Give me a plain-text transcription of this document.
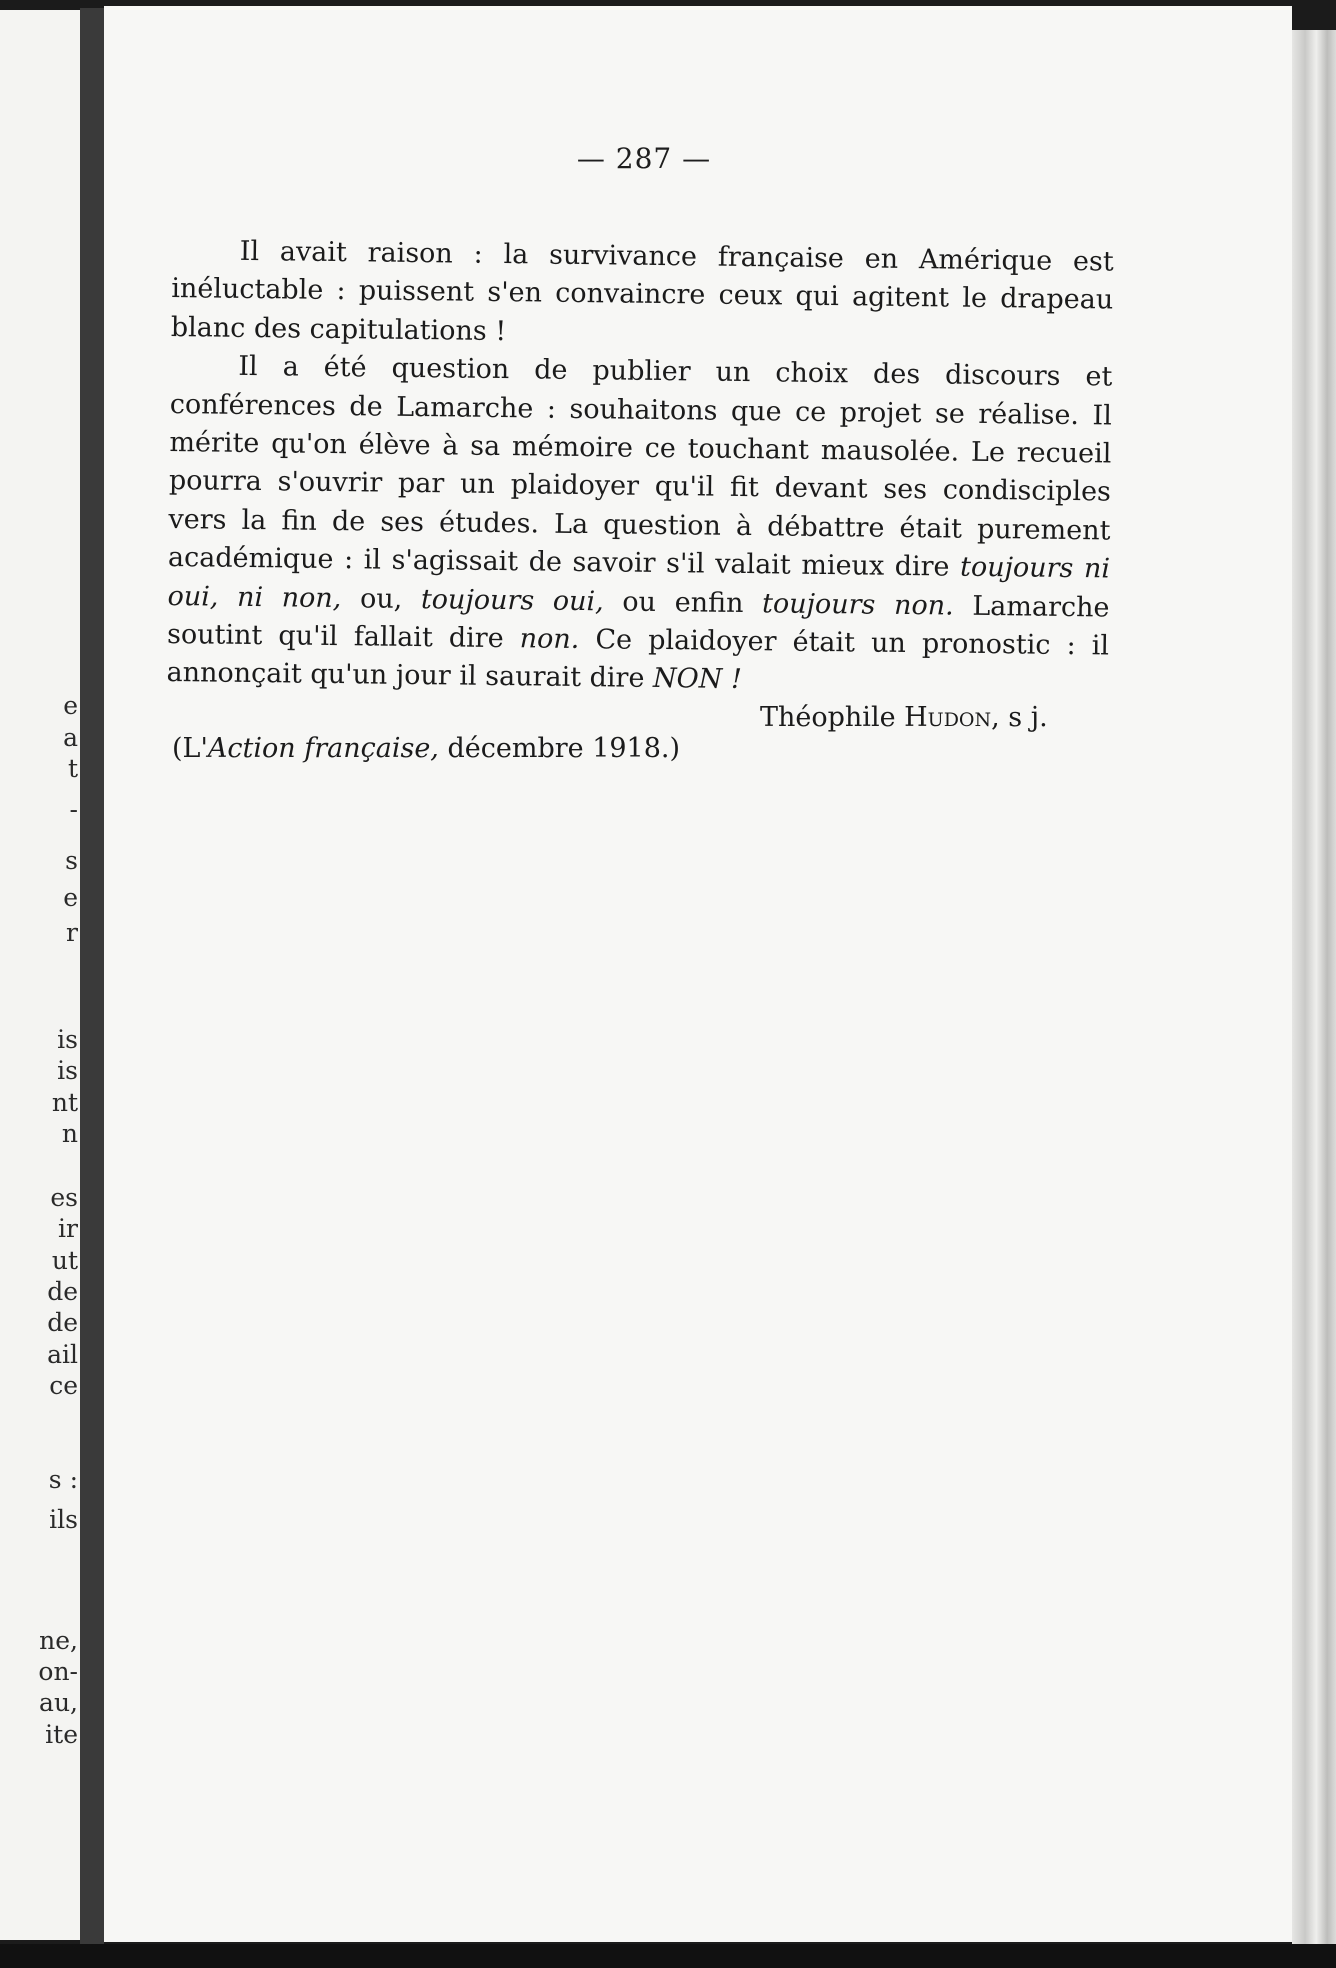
e
a
t
-
s
e
r
is
is
nt
n
es
ir
ut
de
de
ail
ce
s :
ils
ne,
on-
au,
ite
— 287 —

Il avait raison : la survivance française en Amérique est inéluctable : puissent s'en convaincre ceux qui agitent le drapeau blanc des capitulations !

Il a été question de publier un choix des discours et conférences de Lamarche : souhaitons que ce projet se réalise. Il mérite qu'on élève à sa mémoire ce touchant mausolée. Le recueil pourra s'ouvrir par un plaidoyer qu'il fit devant ses condisciples vers la fin de ses études. La question à débattre était purement académique : il s'agissait de savoir s'il valait mieux dire toujours ni oui, ni non, ou, toujours oui, ou enfin toujours non. Lamarche soutint qu'il fallait dire non. Ce plaidoyer était un pronostic : il annonçait qu'un jour il saurait dire NON !

Théophile Hudon, s j.
(L'Action française, décembre 1918.)
